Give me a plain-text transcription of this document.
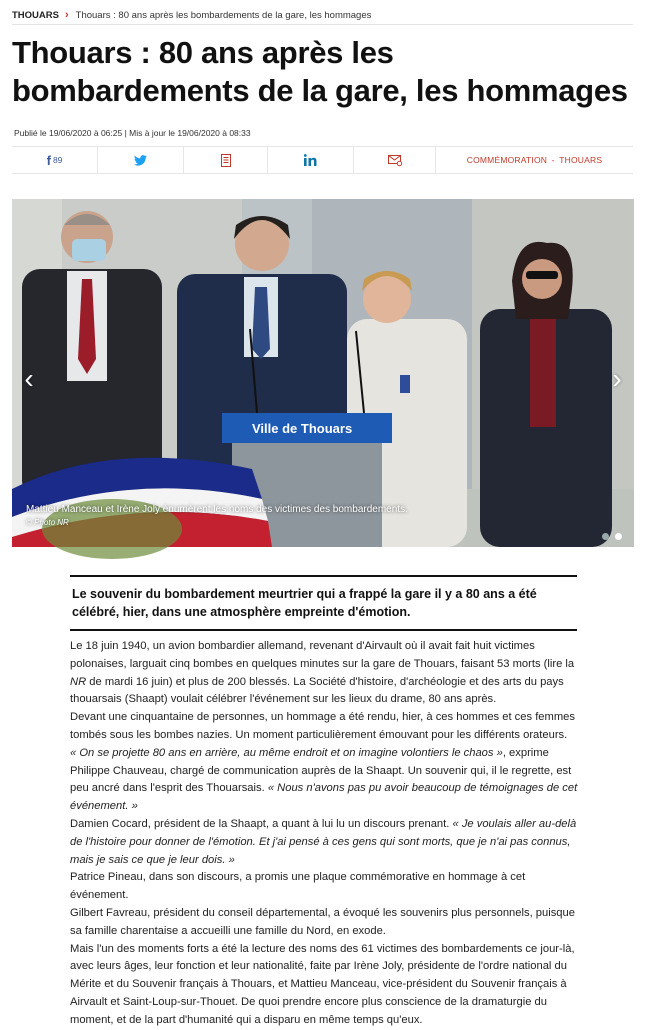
THOUARS › Thouars : 80 ans après les bombardements de la gare, les hommages
Thouars : 80 ans après les bombardements de la gare, les hommages
Publié le 19/06/2020 à 06:25 | Mis à jour le 19/06/2020 à 08:33
f 89	COMMÉMORATION - THOUARS
Ville de Thouars
‹	›
Mattieu Manceau et Irène Joly énumèrent les noms des victimes des bombardements.
© Photo NR
Le souvenir du bombardement meurtrier qui a frappé la gare il y a 80 ans a été célébré, hier, dans une atmosphère empreinte d'émotion.

Le 18 juin 1940, un avion bombardier allemand, revenant d'Airvault où il avait fait huit victimes polonaises, larguait cinq bombes en quelques minutes sur la gare de Thouars, faisant 53 morts (lire la NR de mardi 16 juin) et plus de 200 blessés. La Société d'histoire, d'archéologie et des arts du pays thouarsais (Shaapt) voulait célébrer l'événement sur les lieux du drame, 80 ans après.

Devant une cinquantaine de personnes, un hommage a été rendu, hier, à ces hommes et ces femmes tombés sous les bombes nazies. Un moment particulièrement émouvant pour les différents orateurs.

« On se projette 80 ans en arrière, au même endroit et on imagine volontiers le chaos », exprime Philippe Chauveau, chargé de communication auprès de la Shaapt. Un souvenir qui, il le regrette, est peu ancré dans l'esprit des Thouarsais. « Nous n'avons pas pu avoir beaucoup de témoignages de cet événement. »

Damien Cocard, président de la Shaapt, a quant à lui lu un discours prenant. « Je voulais aller au-delà de l'histoire pour donner de l'émotion. Et j'ai pensé à ces gens qui sont morts, que je n'ai pas connus, mais je sais ce que je leur dois. »

Patrice Pineau, dans son discours, a promis une plaque commémorative en hommage à cet événement.

Gilbert Favreau, président du conseil départemental, a évoqué les souvenirs plus personnels, puisque sa famille charentaise a accueilli une famille du Nord, en exode.

Mais l'un des moments forts a été la lecture des noms des 61 victimes des bombardements ce jour-là, avec leurs âges, leur fonction et leur nationalité, faite par Irène Joly, présidente de l'ordre national du Mérite et du Souvenir français à Thouars, et Mattieu Manceau, vice-président du Souvenir français à Airvault et Saint-Loup-sur-Thouet. De quoi prendre encore plus conscience de la dramaturgie du moment, et de la part d'humanité qui a disparu en même temps qu'eux.
